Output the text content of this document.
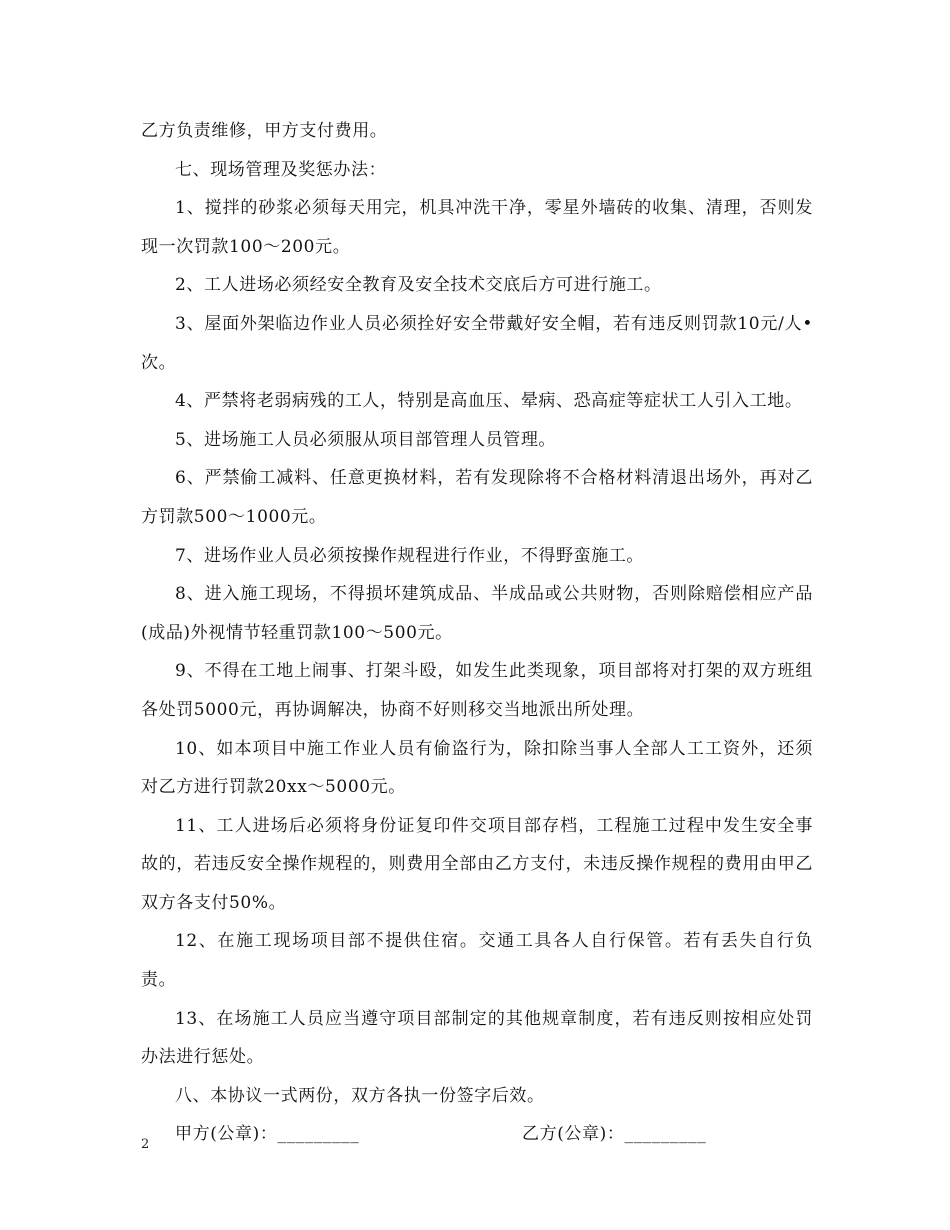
乙方负责维修，甲方支付费用。

七、现场管理及奖惩办法：

1、搅拌的砂浆必须每天用完，机具冲洗干净，零星外墙砖的收集、清理，否则发现一次罚款100～200元。

2、工人进场必须经安全教育及安全技术交底后方可进行施工。

3、屋面外架临边作业人员必须拴好安全带戴好安全帽，若有违反则罚款10元/人•次。

4、严禁将老弱病残的工人，特别是高血压、晕病、恐高症等症状工人引入工地。

5、进场施工人员必须服从项目部管理人员管理。

6、严禁偷工减料、任意更换材料，若有发现除将不合格材料清退出场外，再对乙方罚款500～1000元。

7、进场作业人员必须按操作规程进行作业，不得野蛮施工。

8、进入施工现场，不得损坏建筑成品、半成品或公共财物，否则除赔偿相应产品(成品)外视情节轻重罚款100～500元。

9、不得在工地上闹事、打架斗殴，如发生此类现象，项目部将对打架的双方班组各处罚5000元，再协调解决，协商不好则移交当地派出所处理。

10、如本项目中施工作业人员有偷盗行为，除扣除当事人全部人工工资外，还须对乙方进行罚款20xx～5000元。

11、工人进场后必须将身份证复印件交项目部存档，工程施工过程中发生安全事故的，若违反安全操作规程的，则费用全部由乙方支付，未违反操作规程的费用由甲乙双方各支付50%。

12、在施工现场项目部不提供住宿。交通工具各人自行保管。若有丢失自行负责。

13、在场施工人员应当遵守项目部制定的其他规章制度，若有违反则按相应处罚办法进行惩处。

八、本协议一式两份，双方各执一份签字后效。

甲方(公章)：_________	乙方(公章)：_________
2
